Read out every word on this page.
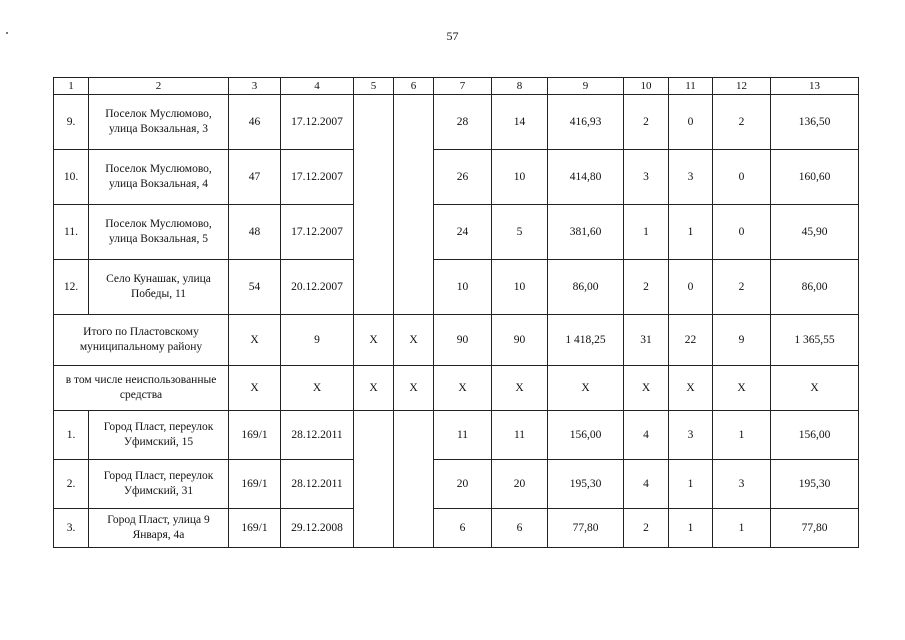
57
1	2	3	4	5	6	7	8	9	10	11	12	13
9.	Поселок Муслюмово,
улица Вокзальная, 3	46	17.12.2007			28	14	416,93	2	0	2	136,50
10.	Поселок Муслюмово,
улица Вокзальная, 4	47	17.12.2007			26	10	414,80	3	3	0	160,60
11.	Поселок Муслюмово,
улица Вокзальная, 5	48	17.12.2007			24	5	381,60	1	1	0	45,90
12.	Село Кунашак, улица
Победы, 11	54	20.12.2007			10	10	86,00	2	0	2	86,00
Итого по Пластовскому
муниципальному району		X	9	X	X	90	90	1 418,25	31	22	9	1 365,55
в том числе неиспользованные
средства		X	X	X	X	X	X	X	X	X	X	X
1.	Город Пласт, переулок
Уфимский, 15	169/1	28.12.2011			11	11	156,00	4	3	1	156,00
2.	Город Пласт, переулок
Уфимский, 31	169/1	28.12.2011			20	20	195,30	4	1	3	195,30
3.	Город Пласт, улица 9
Января, 4а	169/1	29.12.2008			6	6	77,80	2	1	1	77,80
